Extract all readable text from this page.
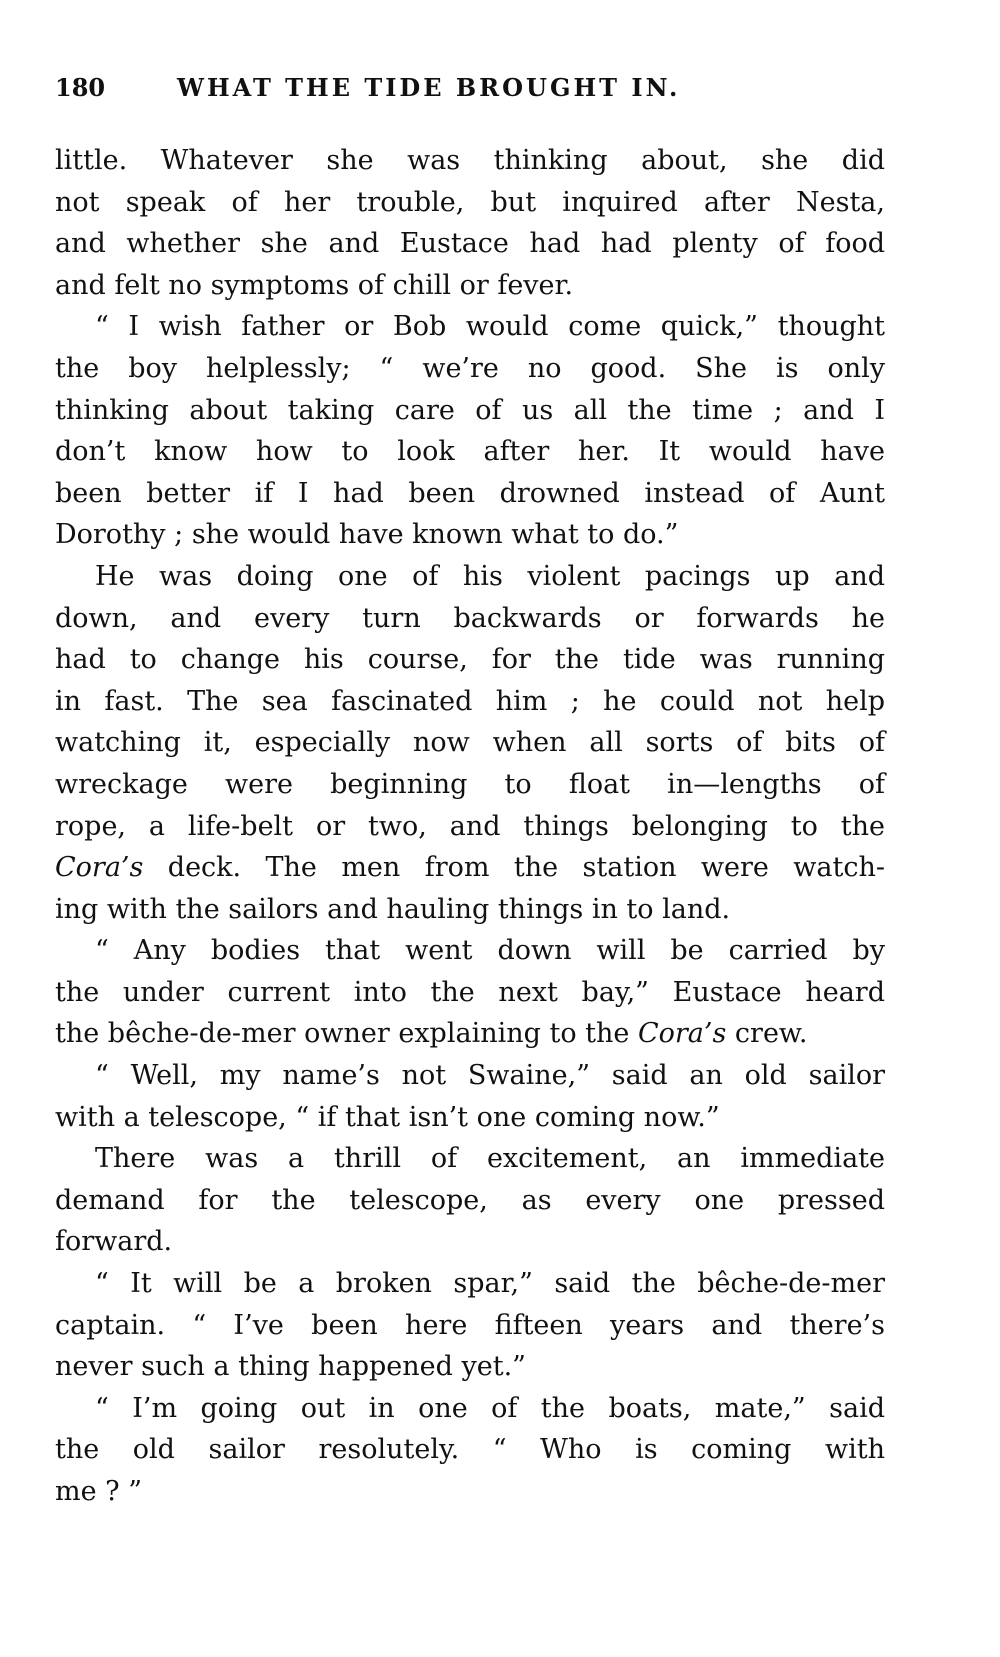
180	WHAT THE TIDE BROUGHT IN.
little. Whatever she was thinking about, she did
not speak of her trouble, but inquired after Nesta,
and whether she and Eustace had had plenty of food
and felt no symptoms of chill or fever.
“ I wish father or Bob would come quick,” thought
the boy helplessly; “ we’re no good. She is only
thinking about taking care of us all the time ; and I
don’t know how to look after her. It would have
been better if I had been drowned instead of Aunt
Dorothy ; she would have known what to do.”
He was doing one of his violent pacings up and
down, and every turn backwards or forwards he
had to change his course, for the tide was running
in fast. The sea fascinated him ; he could not help
watching it, especially now when all sorts of bits of
wreckage were beginning to float in—lengths of
rope, a life-belt or two, and things belonging to the
Cora’s deck. The men from the station were watch-
ing with the sailors and hauling things in to land.
“ Any bodies that went down will be carried by
the under current into the next bay,” Eustace heard
the bêche-de-mer owner explaining to the Cora’s crew.
“ Well, my name’s not Swaine,” said an old sailor
with a telescope, “ if that isn’t one coming now.”
There was a thrill of excitement, an immediate
demand for the telescope, as every one pressed
forward.
“ It will be a broken spar,” said the bêche-de-mer
captain. “ I’ve been here fifteen years and there’s
never such a thing happened yet.”
“ I’m going out in one of the boats, mate,” said
the old sailor resolutely. “ Who is coming with
me ? ”
